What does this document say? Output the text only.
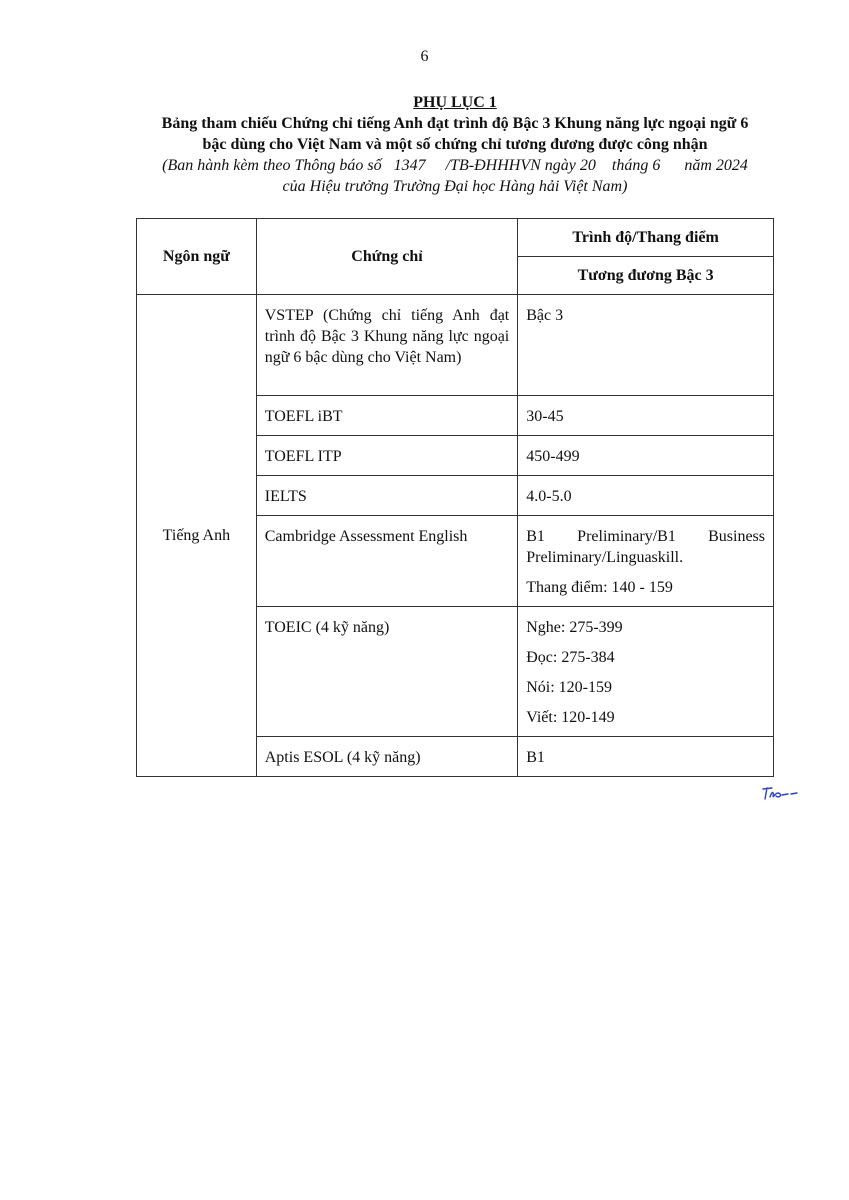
6
PHỤ LỤC 1
Bảng tham chiếu Chứng chỉ tiếng Anh đạt trình độ Bậc 3 Khung năng lực ngoại ngữ 6
bậc dùng cho Việt Nam và một số chứng chỉ tương đương được công nhận
(Ban hành kèm theo Thông báo số   1347     /TB-ĐHHHVN ngày 20    tháng 6      năm 2024
của Hiệu trưởng Trường Đại học Hàng hải Việt Nam)
Ngôn ngữ	Chứng chỉ	Trình độ/Thang điểm
		Tương đương Bậc 3
Tiếng Anh	VSTEP (Chứng chỉ tiếng Anh đạt trình độ Bậc 3 Khung năng lực ngoại ngữ 6 bậc dùng cho Việt Nam)	Bậc 3

	TOEFL iBT	30-45

	TOEFL ITP	450-499

	IELTS	4.0-5.0

	Cambridge Assessment English	B1 Preliminary/B1 Business Preliminary/Linguaskill.
Thang điểm: 140 - 159

	TOEIC (4 kỹ năng)	Nghe: 275-399
Đọc: 275-384
Nói: 120-159
Viết: 120-149

	Aptis ESOL (4 kỹ năng)	B1
